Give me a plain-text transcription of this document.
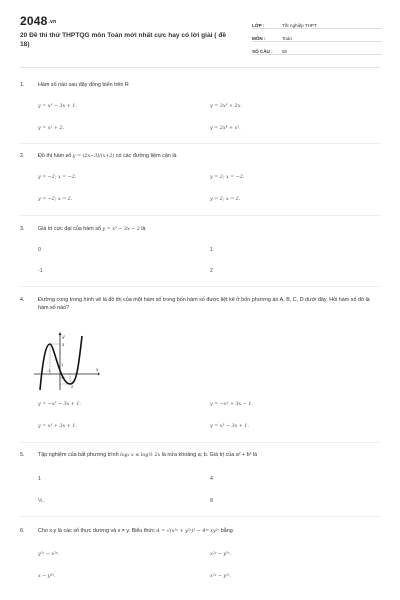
2048.vn
20 Đề thi thử THPTQG môn Toán mới nhất cực hay có lời giải ( đề 18)
LỚP :	Tốt nghiệp THPT
MÔN :	Toán
SỐ CÂU :	50
1.	Hàm số nào sau đây đồng biến trên R
y = x³ − 3x + 1.	y = 3x³ + 2x.
y = x² + 2.	y = 2x⁴ + x².
2.	Đồ thị hàm số y = (2x−3)/(x+2) có các đường tiệm cận là
y = −2; x = −2.	y = 2; x = −2.
y = −2; x = 2.	y = 2; x = 2.
3.	Giá trị cực đại của hàm số y = x³ − 3x − 2 là
0	1
-1	2
4.	Đường cong trong hình vẽ là đồ thị của một hàm số trong bốn hàm số được liệt kê ở bốn phương án A, B, C, D dưới đây. Hỏi hàm số đó là hàm số nào?
y
x
O
3
1
-1
2
y = −x³ − 3x + 1.	y = −x³ + 3x − 1.
y = x³ + 3x + 1.	y = x³ − 3x + 1.
5.	Tập nghiệm của bất phương trình log₂ x ≤ log½ 2x là nửa khoảng a; b. Giá trị của a² + b² là
1	4
½.	8
6.	Cho x,y là các số thực dương và x ≠ y. Biểu thức A = √(x²ʸ + y²ˣ)² − 4ˣʸ xy²ˣ bằng
y²ˣ − x²ʸ.	x²ʸ − y²ˣ.
x − y²ˣ.	x²ʸ − y²ˣ.
